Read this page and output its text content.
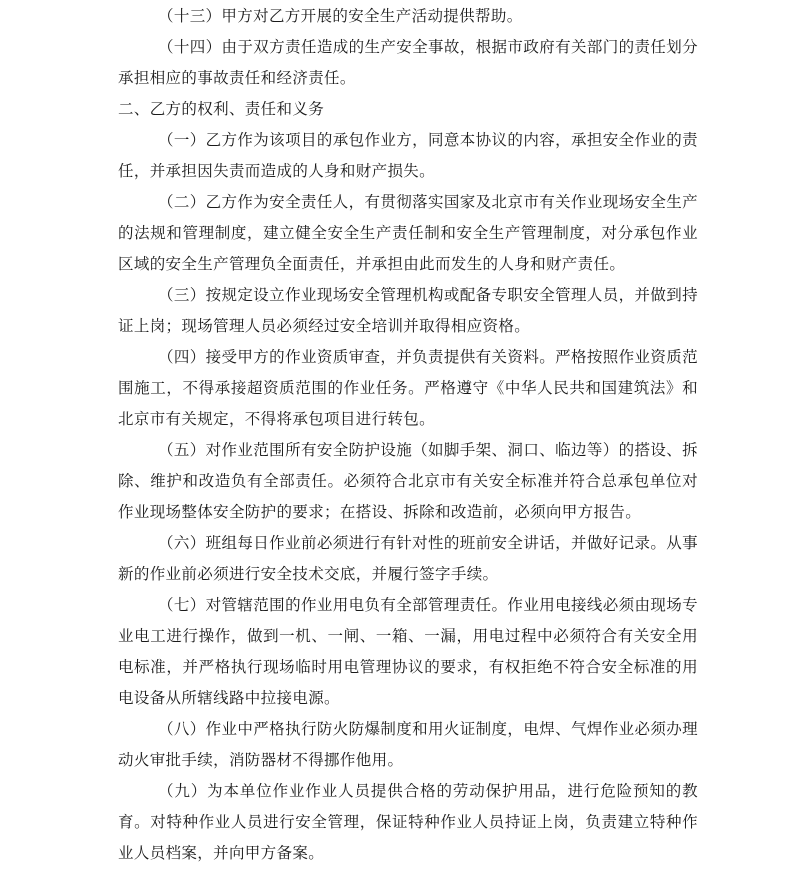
（十三）甲方对乙方开展的安全生产活动提供帮助。

（十四）由于双方责任造成的生产安全事故，根据市政府有关部门的责任划分承担相应的事故责任和经济责任。

二、乙方的权利、责任和义务

（一）乙方作为该项目的承包作业方，同意本协议的内容，承担安全作业的责任，并承担因失责而造成的人身和财产损失。

（二）乙方作为安全责任人，有贯彻落实国家及北京市有关作业现场安全生产的法规和管理制度，建立健全安全生产责任制和安全生产管理制度，对分承包作业区域的安全生产管理负全面责任，并承担由此而发生的人身和财产责任。

（三）按规定设立作业现场安全管理机构或配备专职安全管理人员，并做到持证上岗；现场管理人员必须经过安全培训并取得相应资格。

（四）接受甲方的作业资质审查，并负责提供有关资料。严格按照作业资质范围施工，不得承接超资质范围的作业任务。严格遵守《中华人民共和国建筑法》和北京市有关规定，不得将承包项目进行转包。

（五）对作业范围所有安全防护设施（如脚手架、洞口、临边等）的搭设、拆除、维护和改造负有全部责任。必须符合北京市有关安全标准并符合总承包单位对作业现场整体安全防护的要求；在搭设、拆除和改造前，必须向甲方报告。

（六）班组每日作业前必须进行有针对性的班前安全讲话，并做好记录。从事新的作业前必须进行安全技术交底，并履行签字手续。

（七）对管辖范围的作业用电负有全部管理责任。作业用电接线必须由现场专业电工进行操作，做到一机、一闸、一箱、一漏，用电过程中必须符合有关安全用电标准，并严格执行现场临时用电管理协议的要求，有权拒绝不符合安全标准的用电设备从所辖线路中拉接电源。

（八）作业中严格执行防火防爆制度和用火证制度，电焊、气焊作业必须办理动火审批手续，消防器材不得挪作他用。

（九）为本单位作业作业人员提供合格的劳动保护用品，进行危险预知的教育。对特种作业人员进行安全管理，保证特种作业人员持证上岗，负责建立特种作业人员档案，并向甲方备案。
